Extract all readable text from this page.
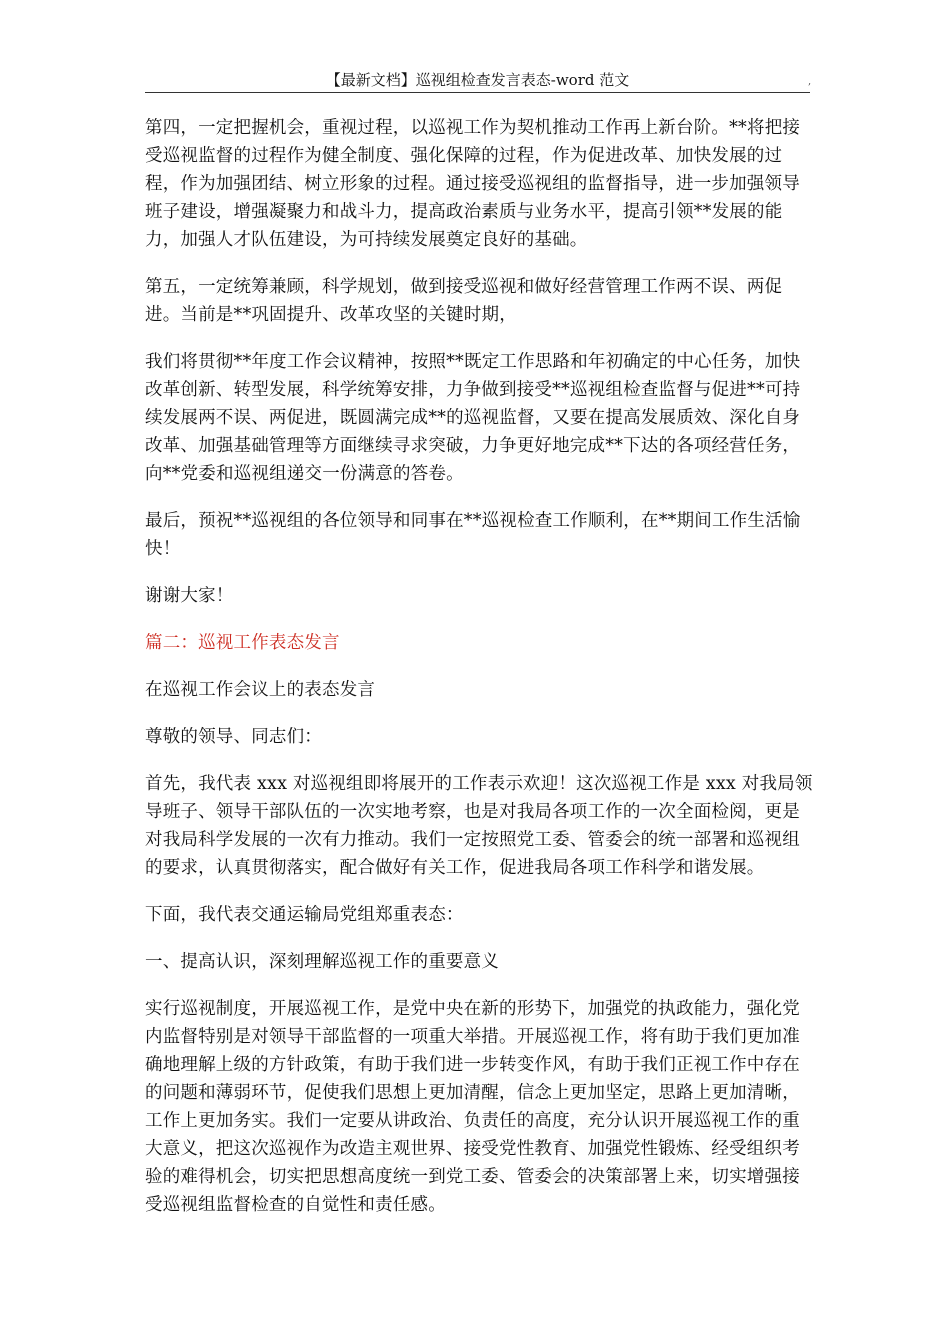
【最新文档】巡视组检查发言表态-word 范文	,

第四，一定把握机会，重视过程，以巡视工作为契机推动工作再上新台阶。**将把接受巡视监督的过程作为健全制度、强化保障的过程，作为促进改革、加快发展的过程，作为加强团结、树立形象的过程。通过接受巡视组的监督指导，进一步加强领导班子建设，增强凝聚力和战斗力，提高政治素质与业务水平，提高引领**发展的能力，加强人才队伍建设，为可持续发展奠定良好的基础。

第五，一定统筹兼顾，科学规划，做到接受巡视和做好经营管理工作两不误、两促进。当前是**巩固提升、改革攻坚的关键时期，

我们将贯彻**年度工作会议精神，按照**既定工作思路和年初确定的中心任务，加快改革创新、转型发展，科学统筹安排，力争做到接受**巡视组检查监督与促进**可持续发展两不误、两促进，既圆满完成**的巡视监督，又要在提高发展质效、深化自身改革、加强基础管理等方面继续寻求突破，力争更好地完成**下达的各项经营任务，向**党委和巡视组递交一份满意的答卷。

最后，预祝**巡视组的各位领导和同事在**巡视检查工作顺利，在**期间工作生活愉快！

谢谢大家！

篇二：巡视工作表态发言

在巡视工作会议上的表态发言

尊敬的领导、同志们：

首先，我代表 xxx 对巡视组即将展开的工作表示欢迎！这次巡视工作是 xxx 对我局领导班子、领导干部队伍的一次实地考察，也是对我局各项工作的一次全面检阅，更是对我局科学发展的一次有力推动。我们一定按照党工委、管委会的统一部署和巡视组的要求，认真贯彻落实，配合做好有关工作，促进我局各项工作科学和谐发展。

下面，我代表交通运输局党组郑重表态：

一、提高认识，深刻理解巡视工作的重要意义

实行巡视制度，开展巡视工作，是党中央在新的形势下，加强党的执政能力，强化党内监督特别是对领导干部监督的一项重大举措。开展巡视工作，将有助于我们更加准确地理解上级的方针政策，有助于我们进一步转变作风，有助于我们正视工作中存在的问题和薄弱环节，促使我们思想上更加清醒，信念上更加坚定，思路上更加清晰，工作上更加务实。我们一定要从讲政治、负责任的高度，充分认识开展巡视工作的重大意义，把这次巡视作为改造主观世界、接受党性教育、加强党性锻炼、经受组织考验的难得机会，切实把思想高度统一到党工委、管委会的决策部署上来，切实增强接受巡视组监督检查的自觉性和责任感。
